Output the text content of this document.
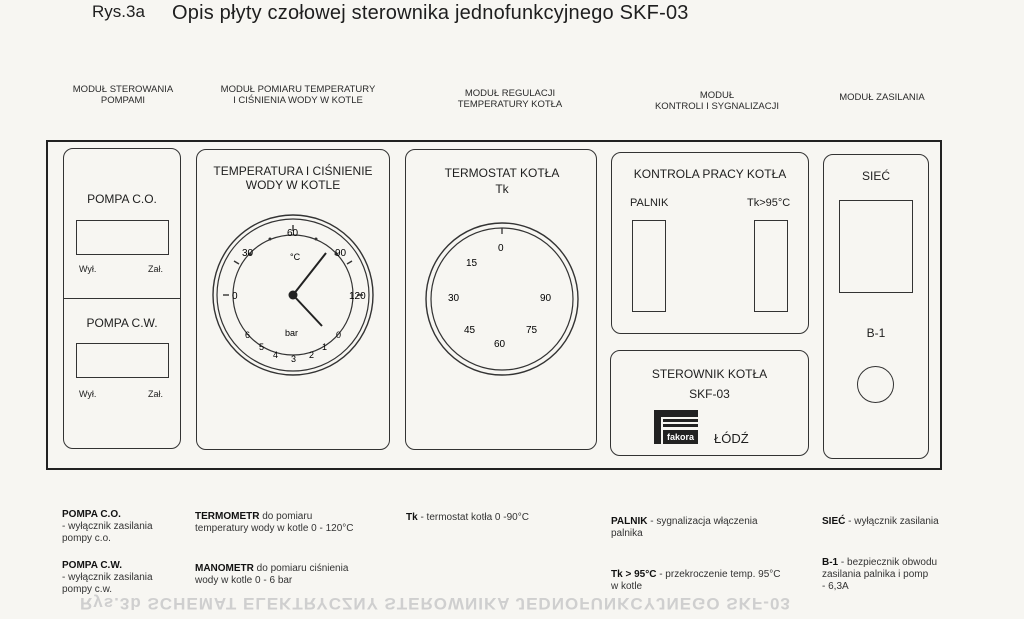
Rys.3a Opis płyty czołowej sterownika jednofunkcyjnego SKF-03
MODUŁ STEROWANIA
POMPAMI
MODUŁ POMIARU TEMPERATURY
I CIŚNIENIA WODY W KOTLE
MODUŁ REGULACJI
TEMPERATURY KOTŁA
MODUŁ
KONTROLI I SYGNALIZACJI
MODUŁ ZASILANIA
POMPA C.O.
Wył.	Zał.
POMPA C.W.
Wył.	Zał.
TEMPERATURA I CIŚNIENIE
WODY W KOTLE
0
30
60
90
120
°C
0
1
2
3
4
5
6	bar
TERMOSTAT KOTŁA
Tk
0
15
30
45
60
75
90
KONTROLA PRACY KOTŁA
PALNIK	Tk>95°C
STEROWNIK KOTŁA
SKF-03
fakora	ŁÓDŹ
SIEĆ
B-1
POMPA C.O.
- wyłącznik zasilania
pompy c.o.
POMPA C.W.
- wyłącznik zasilania
pompy c.w.
TERMOMETR do pomiaru
temperatury wody w kotle 0 - 120°C
MANOMETR do pomiaru ciśnienia
wody w kotle 0 - 6 bar
Tk - termostat kotła 0 -90°C	PALNIK - sygnalizacja włączenia
palnika
Tk > 95°C - przekroczenie temp. 95°C
w kotle
SIEĆ - wyłącznik zasilania
B-1 - bezpiecznik obwodu
zasilania palnika i pomp
- 6,3A
Rys.3b SCHEMAT ELEKTRYCZNY STEROWNIKA JEDNOFUNKCYJNEGO SKF-03
